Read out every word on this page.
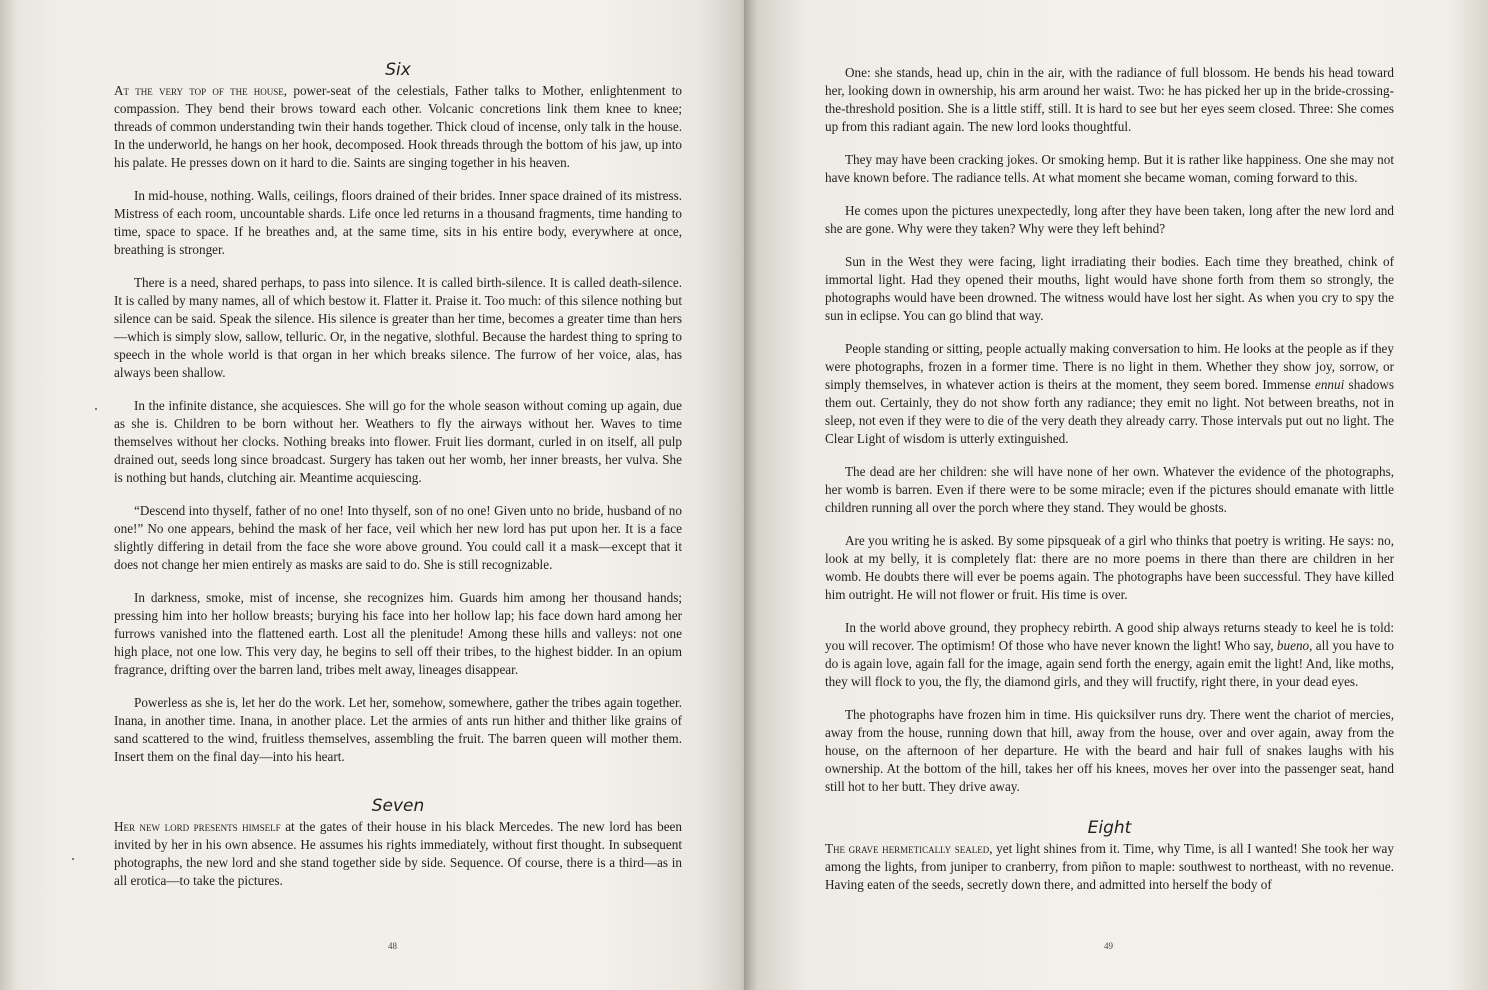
Six

At the very top of the house, power-seat of the celestials, Father talks to Mother, enlightenment to compassion. They bend their brows toward each other. Volcanic concretions link them knee to knee; threads of common understanding twin their hands together. Thick cloud of incense, only talk in the house. In the underworld, he hangs on her hook, decomposed. Hook threads through the bottom of his jaw, up into his palate. He presses down on it hard to die. Saints are singing together in his heaven.

In mid-house, nothing. Walls, ceilings, floors drained of their brides. Inner space drained of its mistress. Mistress of each room, uncountable shards. Life once led returns in a thousand fragments, time handing to time, space to space. If he breathes and, at the same time, sits in his entire body, everywhere at once, breathing is stronger.

There is a need, shared perhaps, to pass into silence. It is called birth-silence. It is called death-silence. It is called by many names, all of which bestow it. Flatter it. Praise it. Too much: of this silence nothing but silence can be said. Speak the silence. His silence is greater than her time, becomes a greater time than hers—which is simply slow, sallow, telluric. Or, in the negative, slothful. Because the hardest thing to spring to speech in the whole world is that organ in her which breaks silence. The furrow of her voice, alas, has always been shallow.

In the infinite distance, she acquiesces. She will go for the whole season without coming up again, due as she is. Children to be born without her. Weathers to fly the airways without her. Waves to time themselves without her clocks. Nothing breaks into flower. Fruit lies dormant, curled in on itself, all pulp drained out, seeds long since broadcast. Surgery has taken out her womb, her inner breasts, her vulva. She is nothing but hands, clutching air. Meantime acquiescing.

“Descend into thyself, father of no one! Into thyself, son of no one! Given unto no bride, husband of no one!” No one appears, behind the mask of her face, veil which her new lord has put upon her. It is a face slightly differing in detail from the face she wore above ground. You could call it a mask—except that it does not change her mien entirely as masks are said to do. She is still recognizable.

In darkness, smoke, mist of incense, she recognizes him. Guards him among her thousand hands; pressing him into her hollow breasts; burying his face into her hollow lap; his face down hard among her furrows vanished into the flattened earth. Lost all the plenitude! Among these hills and valleys: not one high place, not one low. This very day, he begins to sell off their tribes, to the highest bidder. In an opium fragrance, drifting over the barren land, tribes melt away, lineages disappear.

Powerless as she is, let her do the work. Let her, somehow, somewhere, gather the tribes again together. Inana, in another time. Inana, in another place. Let the armies of ants run hither and thither like grains of sand scattered to the wind, fruitless themselves, assembling the fruit. The barren queen will mother them. Insert them on the final day—into his heart.

Seven

Her new lord presents himself at the gates of their house in his black Mercedes. The new lord has been invited by her in his own absence. He assumes his rights immediately, without first thought. In subsequent photographs, the new lord and she stand together side by side. Sequence. Of course, there is a third—as in all erotica—to take the pictures.

48

One: she stands, head up, chin in the air, with the radiance of full blossom. He bends his head toward her, looking down in ownership, his arm around her waist. Two: he has picked her up in the bride-crossing-the-threshold position. She is a little stiff, still. It is hard to see but her eyes seem closed. Three: She comes up from this radiant again. The new lord looks thoughtful.

They may have been cracking jokes. Or smoking hemp. But it is rather like happiness. One she may not have known before. The radiance tells. At what moment she became woman, coming forward to this.

He comes upon the pictures unexpectedly, long after they have been taken, long after the new lord and she are gone. Why were they taken? Why were they left behind?

Sun in the West they were facing, light irradiating their bodies. Each time they breathed, chink of immortal light. Had they opened their mouths, light would have shone forth from them so strongly, the photographs would have been drowned. The witness would have lost her sight. As when you cry to spy the sun in eclipse. You can go blind that way.

People standing or sitting, people actually making conversation to him. He looks at the people as if they were photographs, frozen in a former time. There is no light in them. Whether they show joy, sorrow, or simply themselves, in whatever action is theirs at the moment, they seem bored. Immense ennui shadows them out. Certainly, they do not show forth any radiance; they emit no light. Not between breaths, not in sleep, not even if they were to die of the very death they already carry. Those intervals put out no light. The Clear Light of wisdom is utterly extinguished.

The dead are her children: she will have none of her own. Whatever the evidence of the photographs, her womb is barren. Even if there were to be some miracle; even if the pictures should emanate with little children running all over the porch where they stand. They would be ghosts.

Are you writing he is asked. By some pipsqueak of a girl who thinks that poetry is writing. He says: no, look at my belly, it is completely flat: there are no more poems in there than there are children in her womb. He doubts there will ever be poems again. The photographs have been successful. They have killed him outright. He will not flower or fruit. His time is over.

In the world above ground, they prophecy rebirth. A good ship always returns steady to keel he is told: you will recover. The optimism! Of those who have never known the light! Who say, bueno, all you have to do is again love, again fall for the image, again send forth the energy, again emit the light! And, like moths, they will flock to you, the fly, the diamond girls, and they will fructify, right there, in your dead eyes.

The photographs have frozen him in time. His quicksilver runs dry. There went the chariot of mercies, away from the house, running down that hill, away from the house, over and over again, away from the house, on the afternoon of her departure. He with the beard and hair full of snakes laughs with his ownership. At the bottom of the hill, takes her off his knees, moves her over into the passenger seat, hand still hot to her butt. They drive away.

Eight

The grave hermetically sealed, yet light shines from it. Time, why Time, is all I wanted! She took her way among the lights, from juniper to cranberry, from piñon to maple: southwest to northeast, with no revenue. Having eaten of the seeds, secretly down there, and admitted into herself the body of

49
